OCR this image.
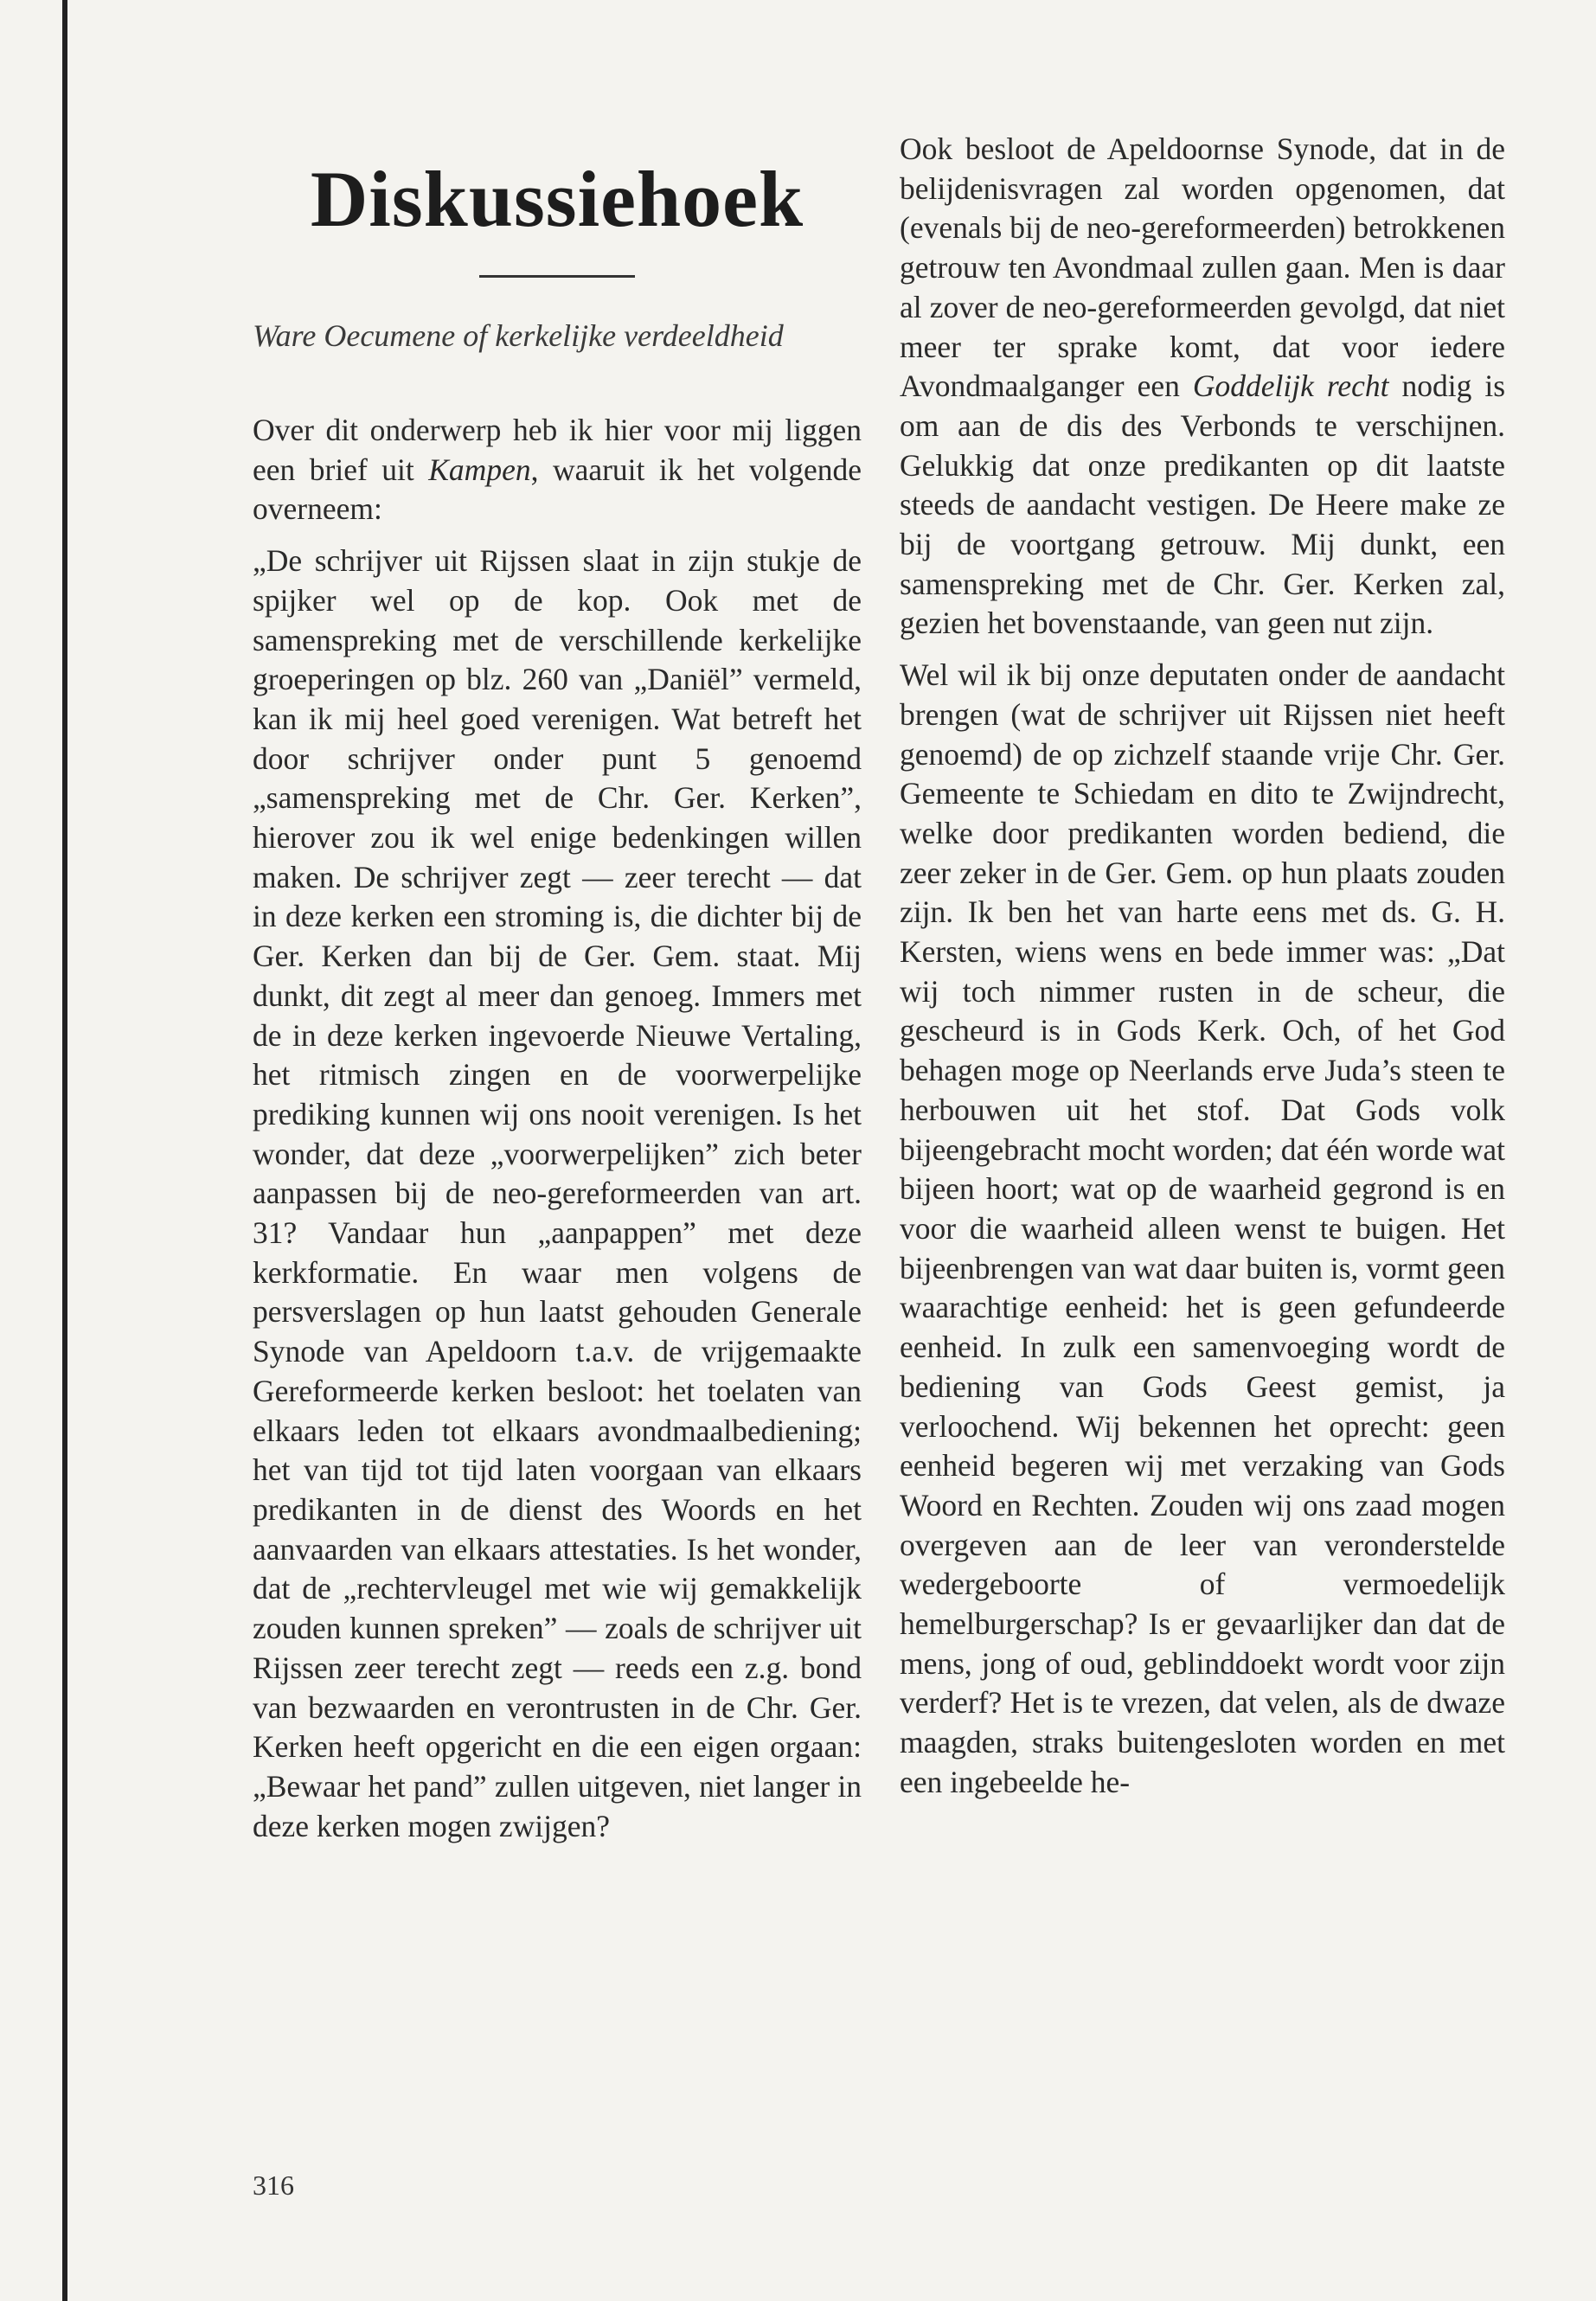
Diskussiehoek
Ware Oecumene of kerkelijke verdeeldheid

Over dit onderwerp heb ik hier voor mij liggen een brief uit Kampen, waaruit ik het volgende overneem:

„De schrijver uit Rijssen slaat in zijn stukje de spijker wel op de kop. Ook met de samenspreking met de verschillende kerkelijke groeperingen op blz. 260 van „Daniël” vermeld, kan ik mij heel goed verenigen. Wat betreft het door schrijver onder punt 5 genoemd „samenspreking met de Chr. Ger. Kerken”, hierover zou ik wel enige bedenkingen willen maken. De schrijver zegt — zeer terecht — dat in deze kerken een stroming is, die dichter bij de Ger. Kerken dan bij de Ger. Gem. staat. Mij dunkt, dit zegt al meer dan genoeg. Immers met de in deze kerken ingevoerde Nieuwe Vertaling, het ritmisch zingen en de voorwerpelijke prediking kunnen wij ons nooit verenigen. Is het wonder, dat deze „voorwerpelijken” zich beter aanpassen bij de neo-gereformeerden van art. 31? Vandaar hun „aanpappen” met deze kerkformatie. En waar men volgens de persverslagen op hun laatst gehouden Generale Synode van Apeldoorn t.a.v. de vrijgemaakte Gereformeerde kerken besloot: het toelaten van elkaars leden tot elkaars avondmaalbediening; het van tijd tot tijd laten voorgaan van elkaars predikanten in de dienst des Woords en het aanvaarden van elkaars attestaties. Is het wonder, dat de „rechtervleugel met wie wij gemakkelijk zouden kunnen spreken” — zoals de schrijver uit Rijssen zeer terecht zegt — reeds een z.g. bond van bezwaarden en verontrusten in de Chr. Ger. Kerken heeft opgericht en die een eigen orgaan: „Bewaar het pand” zullen uitgeven, niet langer in deze kerken mogen zwijgen?

Ook besloot de Apeldoornse Synode, dat in de belijdenisvragen zal worden opgenomen, dat (evenals bij de neo-gereformeerden) betrokkenen getrouw ten Avondmaal zullen gaan. Men is daar al zover de neo-gereformeerden gevolgd, dat niet meer ter sprake komt, dat voor iedere Avondmaalganger een Goddelijk recht nodig is om aan de dis des Verbonds te verschijnen. Gelukkig dat onze predikanten op dit laatste steeds de aandacht vestigen. De Heere make ze bij de voortgang getrouw. Mij dunkt, een samenspreking met de Chr. Ger. Kerken zal, gezien het bovenstaande, van geen nut zijn.

Wel wil ik bij onze deputaten onder de aandacht brengen (wat de schrijver uit Rijssen niet heeft genoemd) de op zichzelf staande vrije Chr. Ger. Gemeente te Schiedam en dito te Zwijndrecht, welke door predikanten worden bediend, die zeer zeker in de Ger. Gem. op hun plaats zouden zijn. Ik ben het van harte eens met ds. G. H. Kersten, wiens wens en bede immer was: „Dat wij toch nimmer rusten in de scheur, die gescheurd is in Gods Kerk. Och, of het God behagen moge op Neerlands erve Juda’s steen te herbouwen uit het stof. Dat Gods volk bijeengebracht mocht worden; dat één worde wat bijeen hoort; wat op de waarheid gegrond is en voor die waarheid alleen wenst te buigen. Het bijeenbrengen van wat daar buiten is, vormt geen waarachtige eenheid: het is geen gefundeerde eenheid. In zulk een samenvoeging wordt de bediening van Gods Geest gemist, ja verloochend. Wij bekennen het oprecht: geen eenheid begeren wij met verzaking van Gods Woord en Rechten. Zouden wij ons zaad mogen overgeven aan de leer van veronderstelde wedergeboorte of vermoedelijk hemelburgerschap? Is er gevaarlijker dan dat de mens, jong of oud, geblinddoekt wordt voor zijn verderf? Het is te vrezen, dat velen, als de dwaze maagden, straks buitengesloten worden en met een ingebeelde he-

316
